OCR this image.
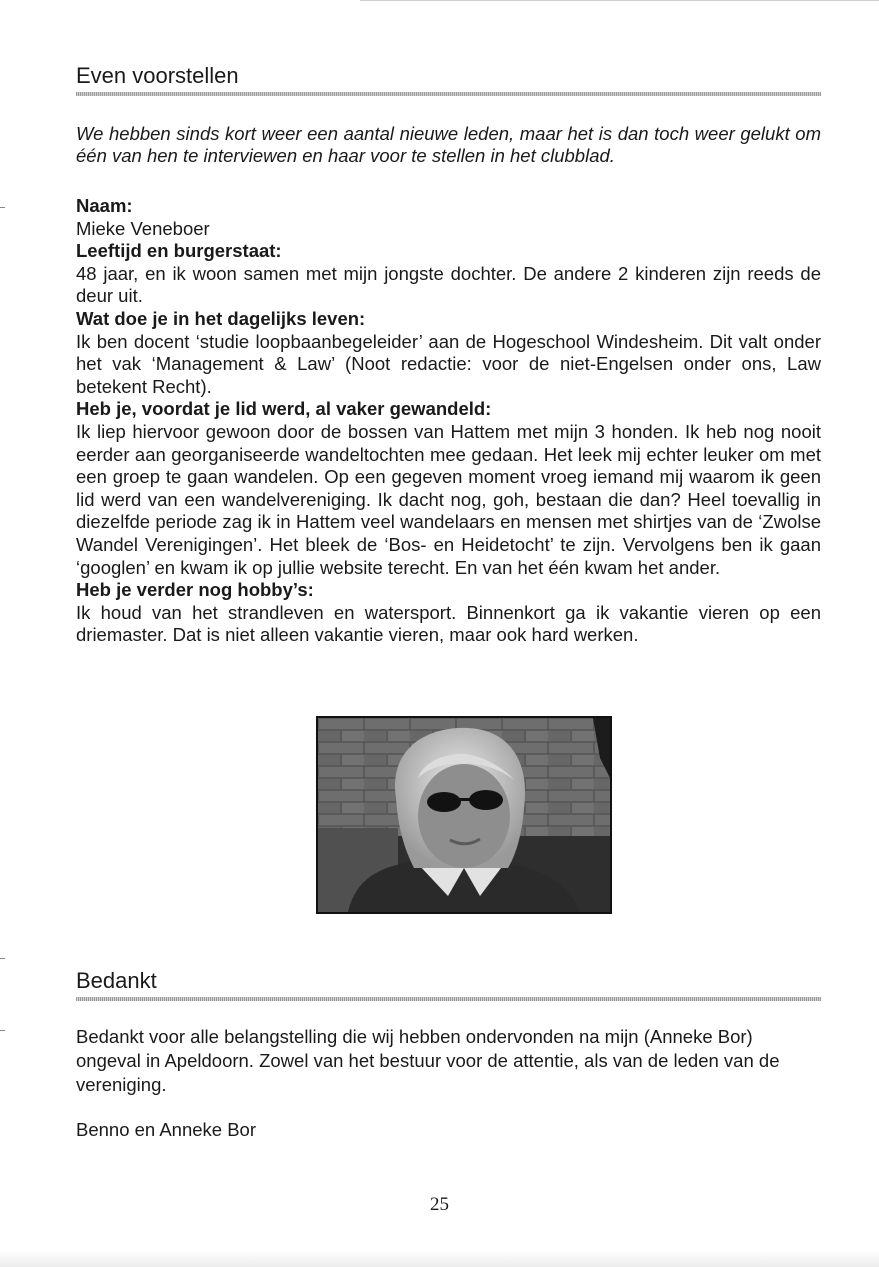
Even voorstellen

We hebben sinds kort weer een aantal nieuwe leden, maar het is dan toch weer gelukt om één van hen te interviewen en haar voor te stellen in het clubblad.

Naam:

Mieke Veneboer

Leeftijd en burgerstaat:

48 jaar, en ik woon samen met mijn jongste dochter. De andere 2 kinderen zijn reeds de deur uit.

Wat doe je in het dagelijks leven:

Ik ben docent ‘studie loopbaanbegeleider’ aan de Hogeschool Windesheim. Dit valt onder het vak ‘Management & Law’ (Noot redactie: voor de niet-Engelsen onder ons, Law betekent Recht).

Heb je, voordat je lid werd, al vaker gewandeld:

Ik liep hiervoor gewoon door de bossen van Hattem met mijn 3 honden. Ik heb nog nooit eerder aan georganiseerde wandeltochten mee gedaan. Het leek mij echter leuker om met een groep te gaan wandelen. Op een gegeven moment vroeg iemand mij waarom ik geen lid werd van een wandelvereniging. Ik dacht nog, goh, bestaan die dan? Heel toevallig in diezelfde periode zag ik in Hattem veel wandelaars en mensen met shirtjes van de ‘Zwolse Wandel Verenigingen’. Het bleek de ‘Bos- en Heidetocht’ te zijn. Vervolgens ben ik gaan ‘googlen’ en kwam ik op jullie website terecht. En van het één kwam het ander.

Heb je verder nog hobby’s:

Ik houd van het strandleven en watersport. Binnenkort ga ik vakantie vieren op een driemaster. Dat is niet alleen vakantie vieren, maar ook hard werken.

Bedankt

Bedankt voor alle belangstelling die wij hebben ondervonden na mijn (Anneke Bor) ongeval in Apeldoorn. Zowel van het bestuur voor de attentie, als van de leden van de vereniging.

Benno en Anneke Bor

25
